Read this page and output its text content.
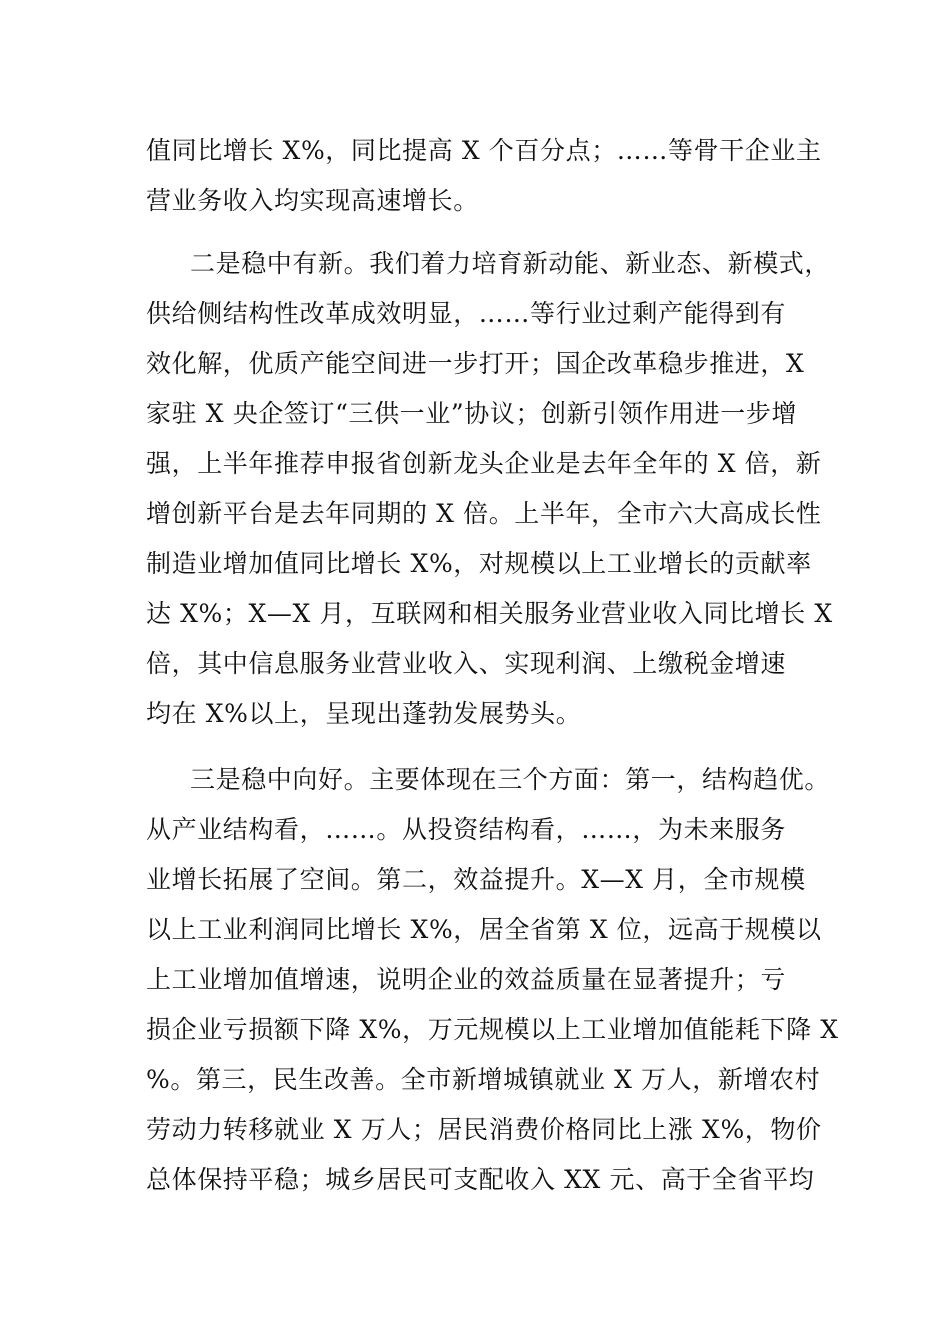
值同比增长 X%，同比提高 X 个百分点；……等骨干企业主
营业务收入均实现高速增长。
二是稳中有新。我们着力培育新动能、新业态、新模式，
供给侧结构性改革成效明显，……等行业过剩产能得到有
效化解，优质产能空间进一步打开；国企改革稳步推进，X
家驻 X 央企签订“三供一业”协议；创新引领作用进一步增
强，上半年推荐申报省创新龙头企业是去年全年的 X 倍，新
增创新平台是去年同期的 X 倍。上半年，全市六大高成长性
制造业增加值同比增长 X%，对规模以上工业增长的贡献率
达 X%；X—X 月，互联网和相关服务业营业收入同比增长 X
倍，其中信息服务业营业收入、实现利润、上缴税金增速
均在 X%以上，呈现出蓬勃发展势头。
三是稳中向好。主要体现在三个方面：第一，结构趋优。
从产业结构看，……。从投资结构看，……，为未来服务
业增长拓展了空间。第二，效益提升。X—X 月，全市规模
以上工业利润同比增长 X%，居全省第 X 位，远高于规模以
上工业增加值增速，说明企业的效益质量在显著提升；亏
损企业亏损额下降 X%，万元规模以上工业增加值能耗下降 X
%。第三，民生改善。全市新增城镇就业 X 万人，新增农村
劳动力转移就业 X 万人；居民消费价格同比上涨 X%，物价
总体保持平稳；城乡居民可支配收入 XX 元、高于全省平均
